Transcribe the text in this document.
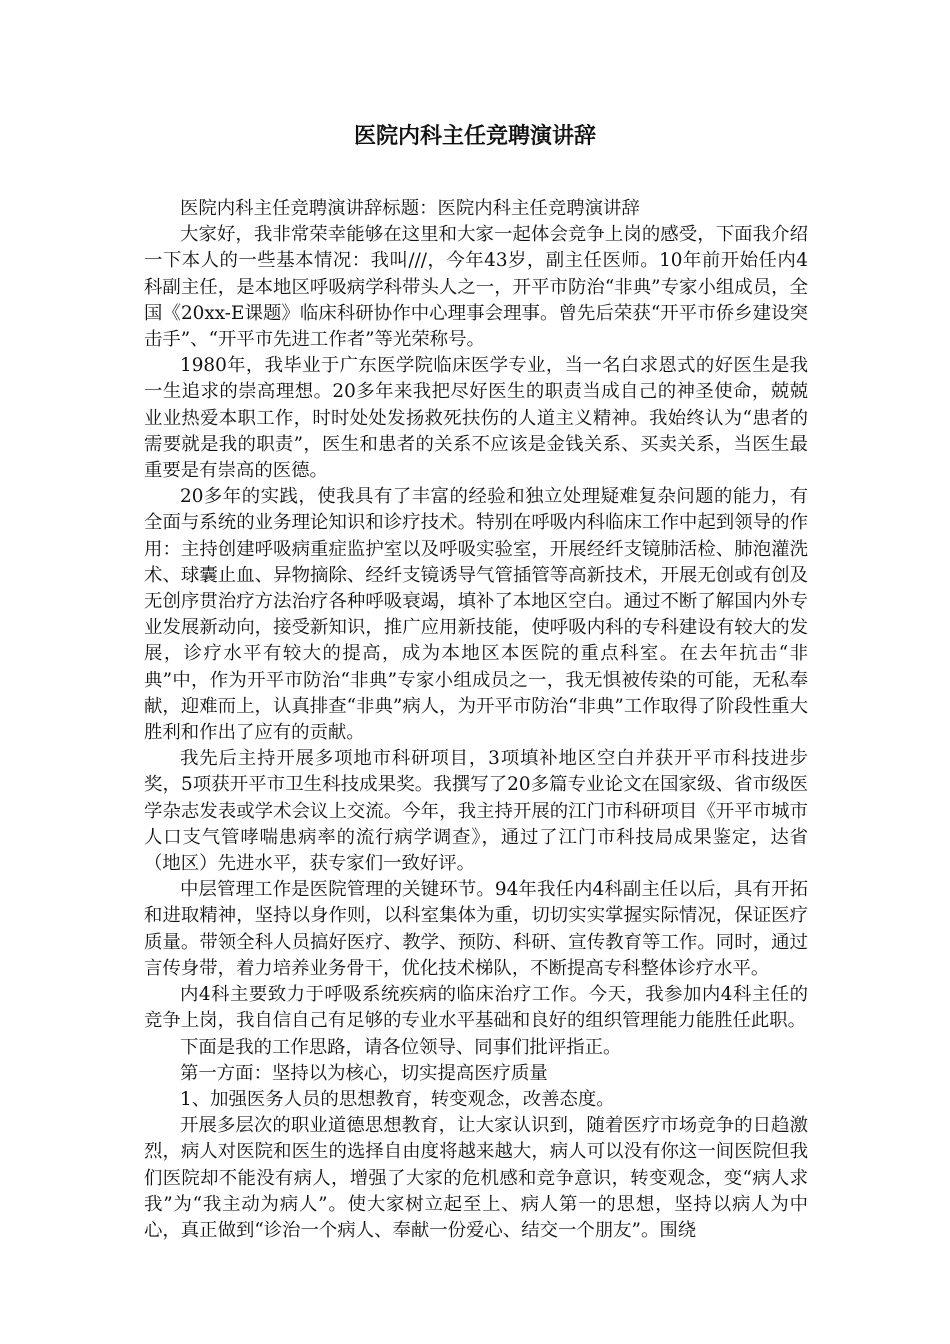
医院内科主任竞聘演讲辞

医院内科主任竞聘演讲辞标题：医院内科主任竞聘演讲辞

大家好，我非常荣幸能够在这里和大家一起体会竞争上岗的感受，下面我介绍一下本人的一些基本情况：我叫///，今年43岁，副主任医师。10年前开始任内4科副主任，是本地区呼吸病学科带头人之一，开平市防治“非典”专家小组成员，全国《20xx-E课题》临床科研协作中心理事会理事。曾先后荣获“开平市侨乡建设突击手”、“开平市先进工作者”等光荣称号。

1980年，我毕业于广东医学院临床医学专业，当一名白求恩式的好医生是我一生追求的崇高理想。20多年来我把尽好医生的职责当成自己的神圣使命，兢兢业业热爱本职工作，时时处处发扬救死扶伤的人道主义精神。我始终认为“患者的需要就是我的职责”，医生和患者的关系不应该是金钱关系、买卖关系，当医生最重要是有崇高的医德。

20多年的实践，使我具有了丰富的经验和独立处理疑难复杂问题的能力，有全面与系统的业务理论知识和诊疗技术。特别在呼吸内科临床工作中起到领导的作用：主持创建呼吸病重症监护室以及呼吸实验室，开展经纤支镜肺活检、肺泡灌洗术、球囊止血、异物摘除、经纤支镜诱导气管插管等高新技术，开展无创或有创及无创序贯治疗方法治疗各种呼吸衰竭，填补了本地区空白。通过不断了解国内外专业发展新动向，接受新知识，推广应用新技能，使呼吸内科的专科建设有较大的发展，诊疗水平有较大的提高，成为本地区本医院的重点科室。在去年抗击“非典”中，作为开平市防治“非典”专家小组成员之一，我无惧被传染的可能，无私奉献，迎难而上，认真排查“非典”病人，为开平市防治“非典”工作取得了阶段性重大胜利和作出了应有的贡献。

我先后主持开展多项地市科研项目，3项填补地区空白并获开平市科技进步奖，5项获开平市卫生科技成果奖。我撰写了20多篇专业论文在国家级、省市级医学杂志发表或学术会议上交流。今年，我主持开展的江门市科研项目《开平市城市人口支气管哮喘患病率的流行病学调查》，通过了江门市科技局成果鉴定，达省（地区）先进水平，获专家们一致好评。

中层管理工作是医院管理的关键环节。94年我任内4科副主任以后，具有开拓和进取精神，坚持以身作则，以科室集体为重，切切实实掌握实际情况，保证医疗质量。带领全科人员搞好医疗、教学、预防、科研、宣传教育等工作。同时，通过言传身带，着力培养业务骨干，优化技术梯队，不断提高专科整体诊疗水平。

内4科主要致力于呼吸系统疾病的临床治疗工作。今天，我参加内4科主任的竞争上岗，我自信自己有足够的专业水平基础和良好的组织管理能力能胜任此职。

下面是我的工作思路，请各位领导、同事们批评指正。

第一方面：坚持以为核心，切实提高医疗质量

1、加强医务人员的思想教育，转变观念，改善态度。

开展多层次的职业道德思想教育，让大家认识到，随着医疗市场竞争的日趋激烈，病人对医院和医生的选择自由度将越来越大，病人可以没有你这一间医院但我们医院却不能没有病人，增强了大家的危机感和竞争意识，转变观念，变“病人求我”为“我主动为病人”。使大家树立起至上、病人第一的思想，坚持以病人为中心，真正做到“诊治一个病人、奉献一份爱心、结交一个朋友”。围绕
